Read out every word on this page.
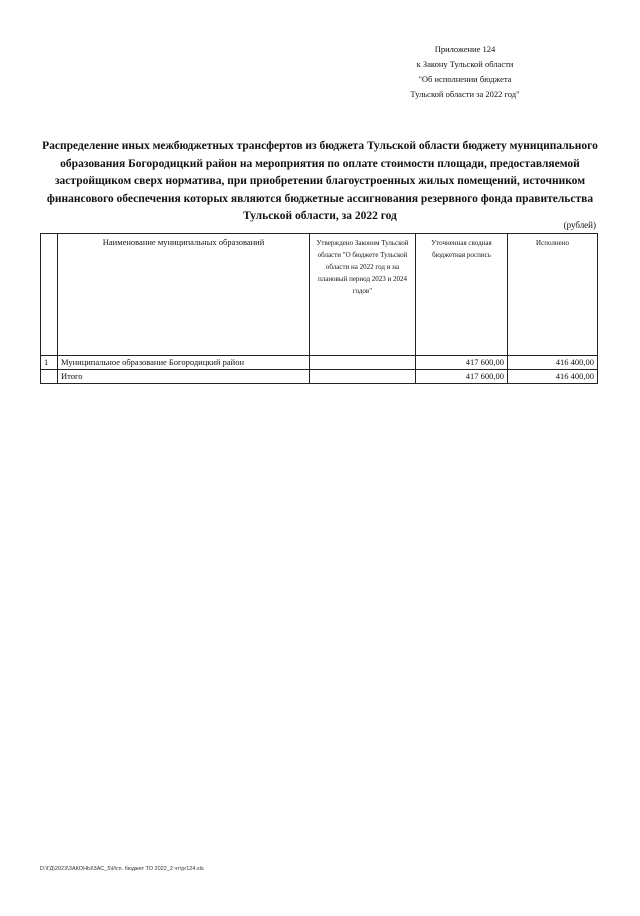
Приложение 124
к Закону Тульской области
"Об исполнении бюджета
Тульской области за 2022 год"
Распределение иных межбюджетных трансфертов из бюджета Тульской области бюджету муниципального образования Богородицкий район на мероприятия по оплате стоимости площади, предоставляемой застройщиком сверх норматива, при приобретении благоустроенных жилых помещений, источником финансового обеспечения которых являются бюджетные ассигнования резервного фонда правительства Тульской области, за 2022 год
(рублей)
	Наименование муниципальных образований	Утверждено Законом Тульской области "О бюджете Тульской области на 2022 год и на плановый период 2023 и 2024 годов"	Уточненная сводная бюджетная роспись	Исполнено
1	Муниципальное образование Богородицкий район		417 600,00	416 400,00
	Итого		417 600,00	416 400,00
D:\ГД\2023\ЗАКОНЫ\ЗАС_5\Исп. бюджет ТО 2022_2 чт\pr124.xls
